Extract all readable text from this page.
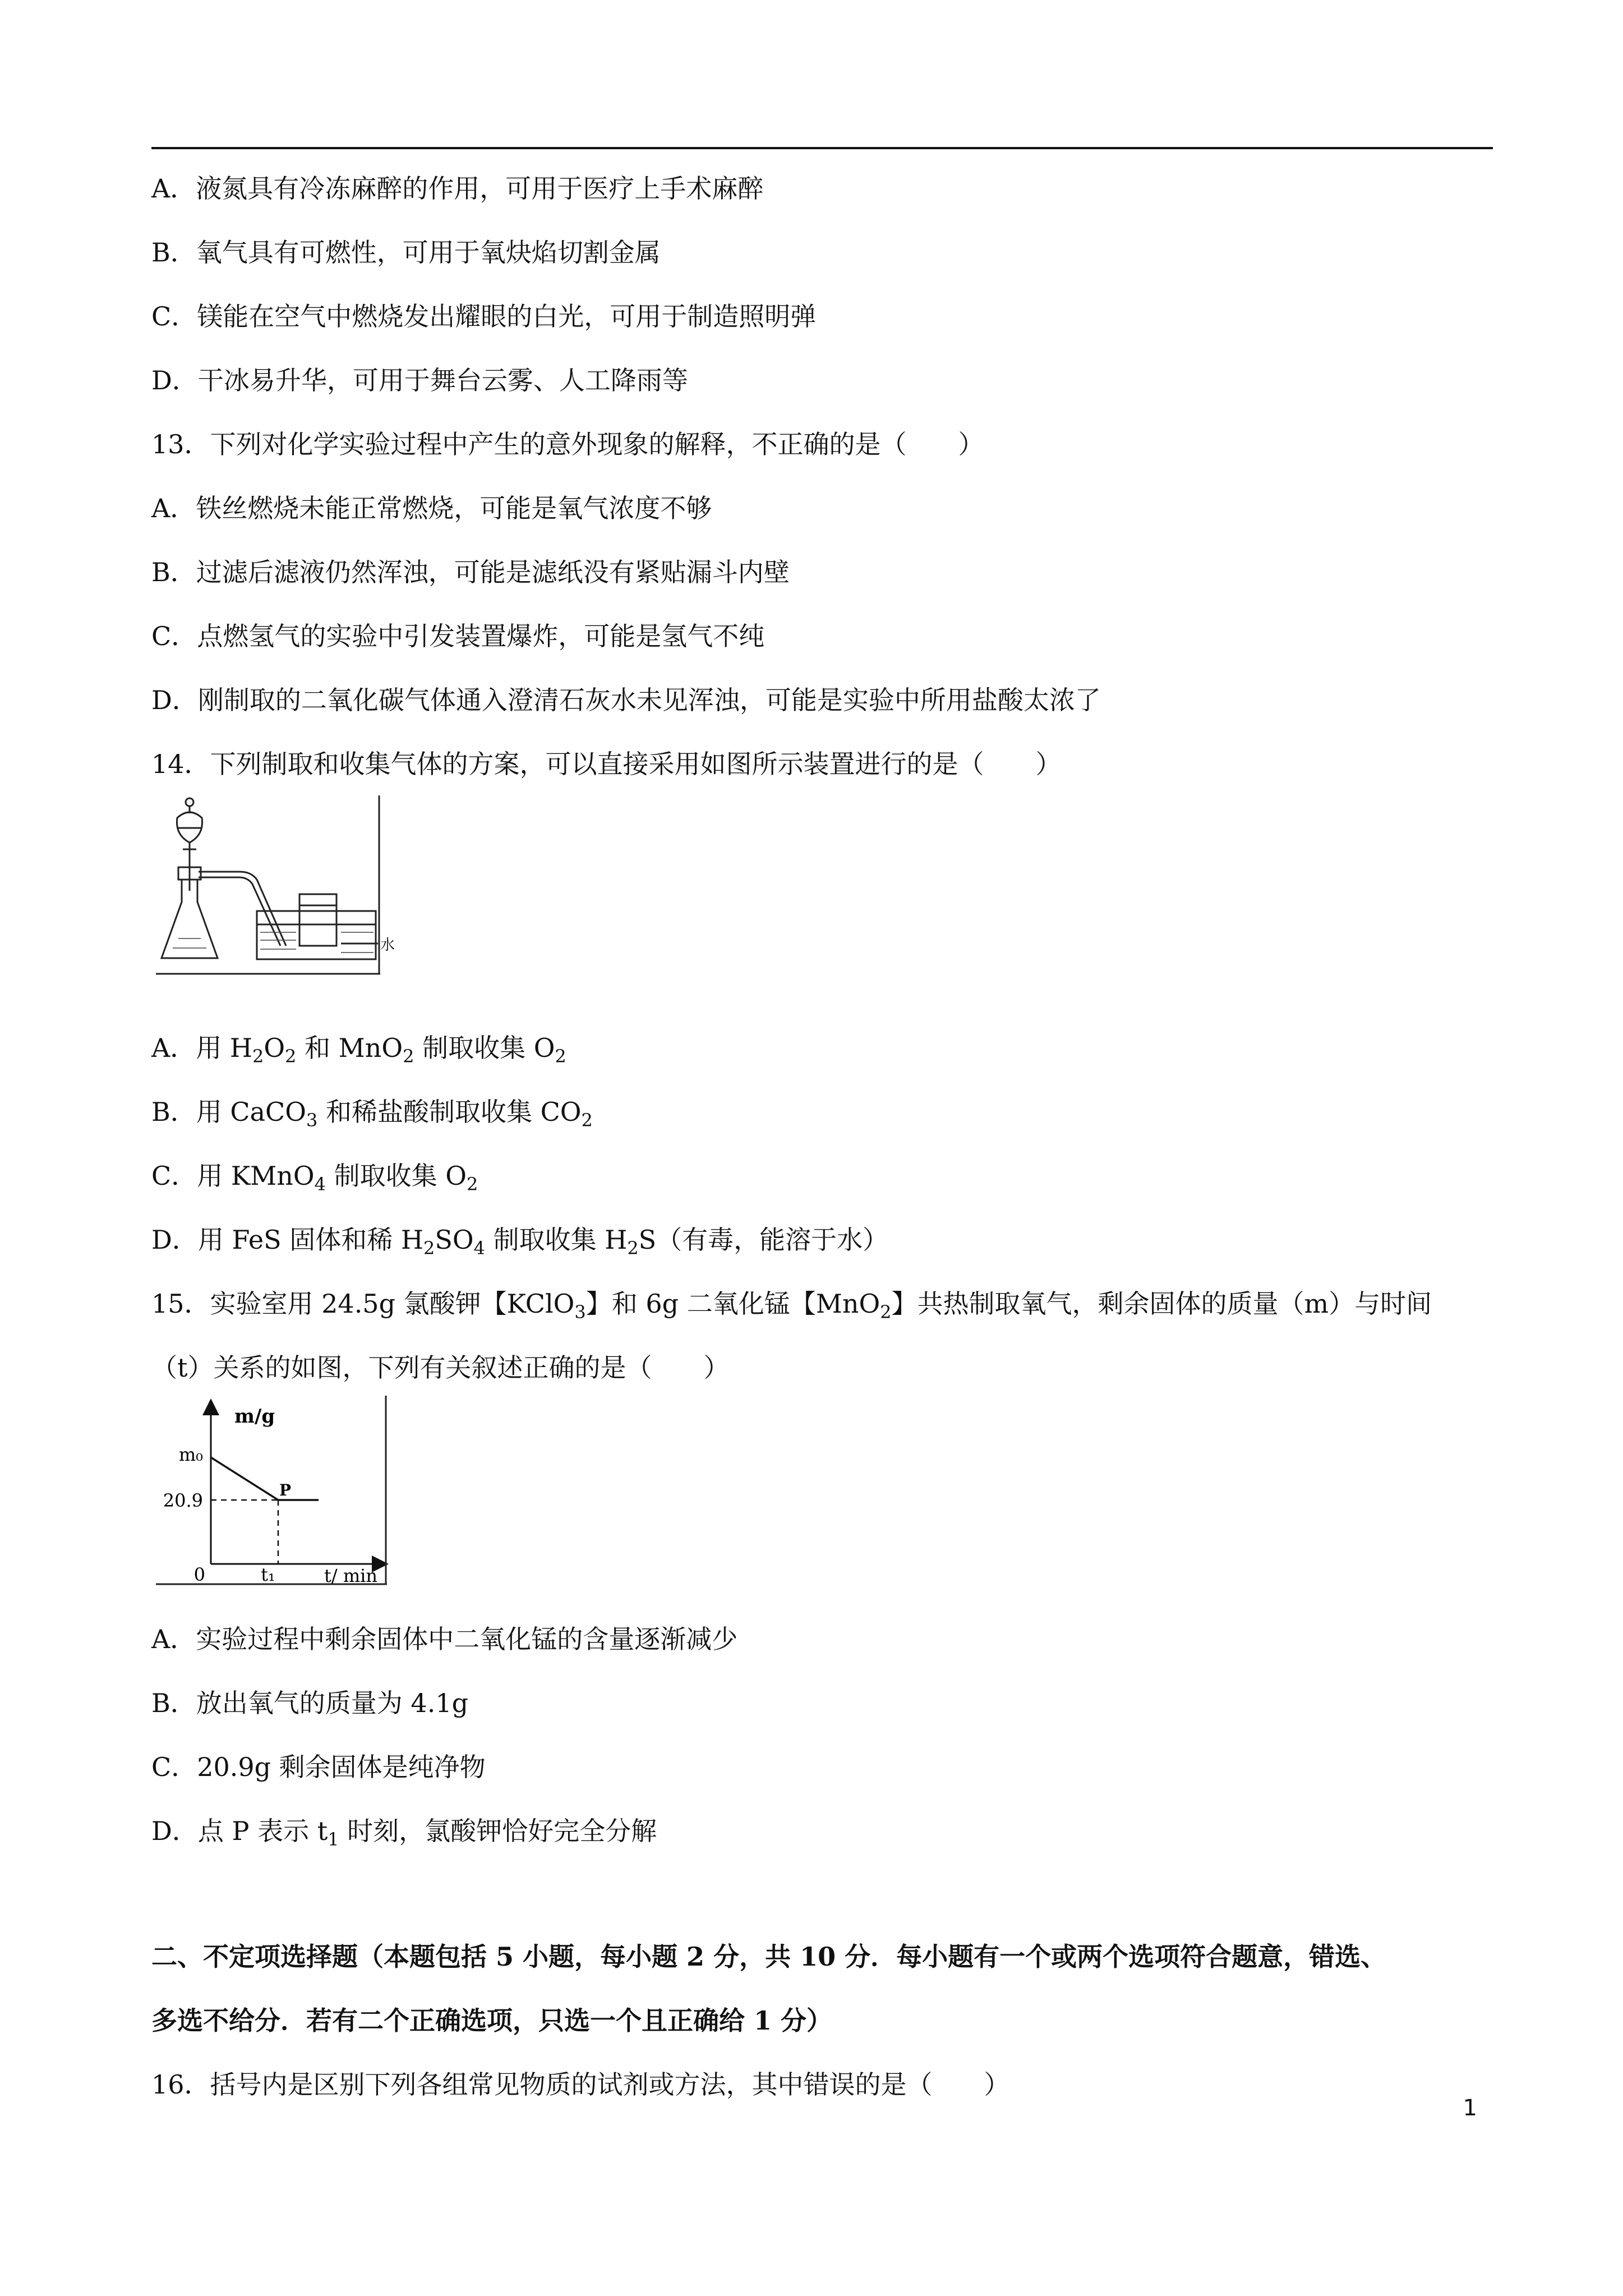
A．液氮具有冷冻麻醉的作用，可用于医疗上手术麻醉
B．氧气具有可燃性，可用于氧炔焰切割金属
C．镁能在空气中燃烧发出耀眼的白光，可用于制造照明弹
D．干冰易升华，可用于舞台云雾、人工降雨等
13．下列对化学实验过程中产生的意外现象的解释，不正确的是（　　）
A．铁丝燃烧未能正常燃烧，可能是氧气浓度不够
B．过滤后滤液仍然浑浊，可能是滤纸没有紧贴漏斗内壁
C．点燃氢气的实验中引发装置爆炸，可能是氢气不纯
D．刚制取的二氧化碳气体通入澄清石灰水未见浑浊，可能是实验中所用盐酸太浓了
14．下列制取和收集气体的方案，可以直接采用如图所示装置进行的是（　　）
水
A．用 $H_2O_2$ 和 MnO$_2$ 制取收集 $O_2$
B．用 CaCO$_3$ 和稀盐酸制取收集 $CO_2$
C．用 KMnO$_4$ 制取收集 $O_2$
D．用 FeS 固体和稀 $H_2SO_4$ 制取收集 $H_2S$（有毒，能溶于水）
15．实验室用 24.5g 氯酸钾【KClO$_3$】和 6g 二氧化锰【MnO$_2$】共热制取氧气，剩余固体的质量（m）与时间
（t）关系的如图，下列有关叙述正确的是（　　）
m/g
t/ min
0
m₀
20.9
t₁
P
A．实验过程中剩余固体中二氧化锰的含量逐渐减少
B．放出氧气的质量为 4.1g
C．20.9g 剩余固体是纯净物
D．点 P 表示 $t_1$ 时刻，氯酸钾恰好完全分解
二、不定项选择题（本题包括 5 小题，每小题 2 分，共 10 分．每小题有一个或两个选项符合题意，错选、
多选不给分．若有二个正确选项，只选一个且正确给 1 分）
16．括号内是区别下列各组常见物质的试剂或方法，其中错误的是（　　）
1
